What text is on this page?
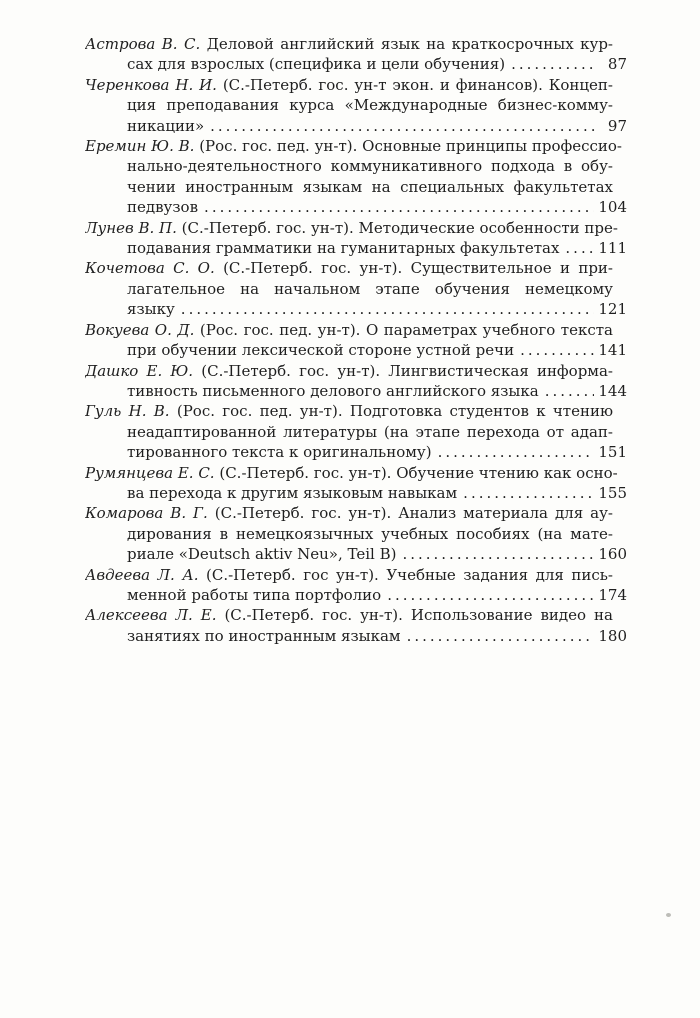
Астрова В. С. Деловой английский язык на краткосрочных кур-
сах для взрослых (специфика и цели обучения) .....	87
Черенкова Н. И. (С.-Петерб. гос. ун-т экон. и финансов). Концеп-
ция преподавания курса «Международные бизнес-комму-
никации» .....	97
Еремин Ю. В. (Рос. гос. пед. ун-т). Основные принципы профессио-
нально-деятельностного коммуникативного подхода в обу-
чении иностранным языкам на специальных факультетах
педвузов .....	104
Лунев В. П. (С.-Петерб. гос. ун-т). Методические особенности пре-
подавания грамматики на гуманитарных факультетах .....	111
Кочетова С. О. (С.-Петерб. гос. ун-т). Существительное и при-
лагательное на начальном этапе обучения немецкому
языку .....	121
Вокуева О. Д. (Рос. гос. пед. ун-т). О параметрах учебного текста
при обучении лексической стороне устной речи .....	141
Дашко Е. Ю. (С.-Петерб. гос. ун-т). Лингвистическая информа-
тивность письменного делового английского языка .....	144
Гуль Н. В. (Рос. гос. пед. ун-т). Подготовка студентов к чтению
неадаптированной литературы (на этапе перехода от адап-
тированного текста к оригинальному) .....	151
Румянцева Е. С. (С.-Петерб. гос. ун-т). Обучение чтению как осно-
ва перехода к другим языковым навыкам .....	155
Комарова В. Г. (С.-Петерб. гос. ун-т). Анализ материала для ау-
дирования в немецкоязычных учебных пособиях (на мате-
риале «Deutsch aktiv Neu», Teil B) .....	160
Авдеева Л. А. (С.-Петерб. гос ун-т). Учебные задания для пись-
менной работы типа портфолио .....	174
Алексеева Л. Е. (С.-Петерб. гос. ун-т). Использование видео на
занятиях по иностранным языкам .....	180
